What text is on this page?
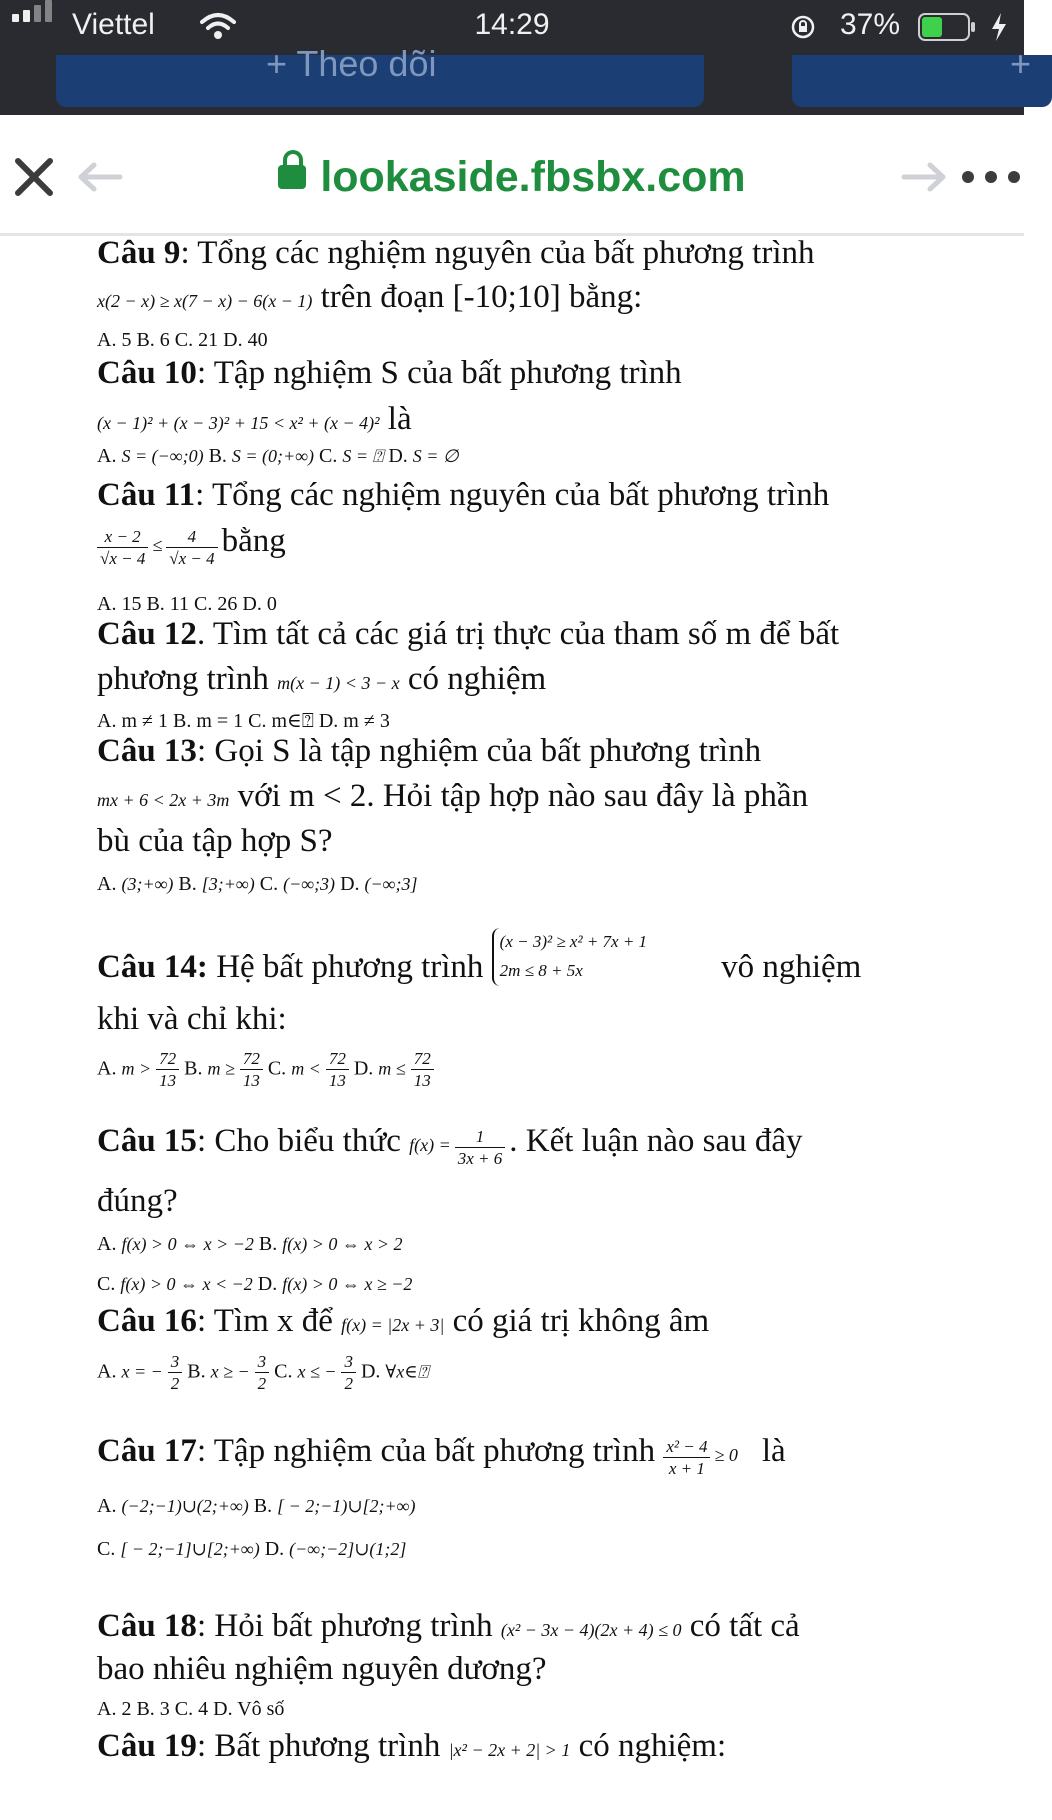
Viettel	14:29	37%
+ Theo dõi	+
lookaside.fbsbx.com
Câu 9: Tổng các nghiệm nguyên của bất phương trình
x(2 − x) ≥ x(7 − x) − 6(x − 1) trên đoạn [-10;10] bằng:
A. 5 B. 6 C. 21 D. 40
Câu 10: Tập nghiệm S của bất phương trình
(x − 1)² + (x − 3)² + 15 < x² + (x − 4)² là
A. S = (−∞;0) B. S = (0;+∞) C. S = ⍰ D. S = ∅
Câu 11: Tổng các nghiệm nguyên của bất phương trình
$\frac{x - 2}{√x - 4} \le \frac{4}{√x - 4}$ bằng
A. 15 B. 11 C. 26 D. 0
Câu 12. Tìm tất cả các giá trị thực của tham số m để bất
phương trình m(x − 1) < 3 − x có nghiệm
A. m ≠ 1 B. m = 1 C. m∈⍰ D. m ≠ 3
Câu 13: Gọi S là tập nghiệm của bất phương trình
mx + 6 < 2x + 3m với m < 2. Hỏi tập hợp nào sau đây là phần
bù của tập hợp S?
A. (3;+∞) B. [3;+∞) C. (−∞;3) D. (−∞;3]
Câu 14: Hệ bất phương trình (x − 3)² ≥ x² + 7x + 1
2m ≤ 8 + 5x	vô nghiệm
khi và chỉ khi:
A. $m > \frac{72}{13} B$. $m \ge \frac{72}{13} C$. $m < \frac{72}{13} D$. $m \le \frac{72}{13}$
Câu 15: Cho biểu thức $f(x) = \frac{1}{3x + 6}$ . Kết luận nào sau đây
đúng?
A. f(x) > 0 ⇔ x > −2 B. f(x) > 0 ⇔ x > 2
C. f(x) > 0 ⇔ x < −2 D. f(x) > 0 ⇔ x ≥ −2
Câu 16: Tìm x để f(x) = |2x + 3| có giá trị không âm
A. x = − $\frac{3}{2} B$. x ≥ − $\frac{3}{2} C$. x ≤ − $\frac{3}{2} D$. ∀x∈⍰
Câu 17: Tập nghiệm của bất phương trình $\frac{\text{x² − 4}}{x + 1} \ge 0$ là
A. (−2;−1)∪(2;+∞) B. [ − 2;−1)∪[2;+∞)
C. [ − 2;−1]∪[2;+∞) D. (−∞;−2]∪(1;2]
Câu 18: Hỏi bất phương trình (x² − 3x − 4)(2x + 4) ≤ 0 có tất cả
bao nhiêu nghiệm nguyên dương?
A. 2 B. 3 C. 4 D. Vô số
Câu 19: Bất phương trình |x² − 2x + 2| > 1 có nghiệm:
